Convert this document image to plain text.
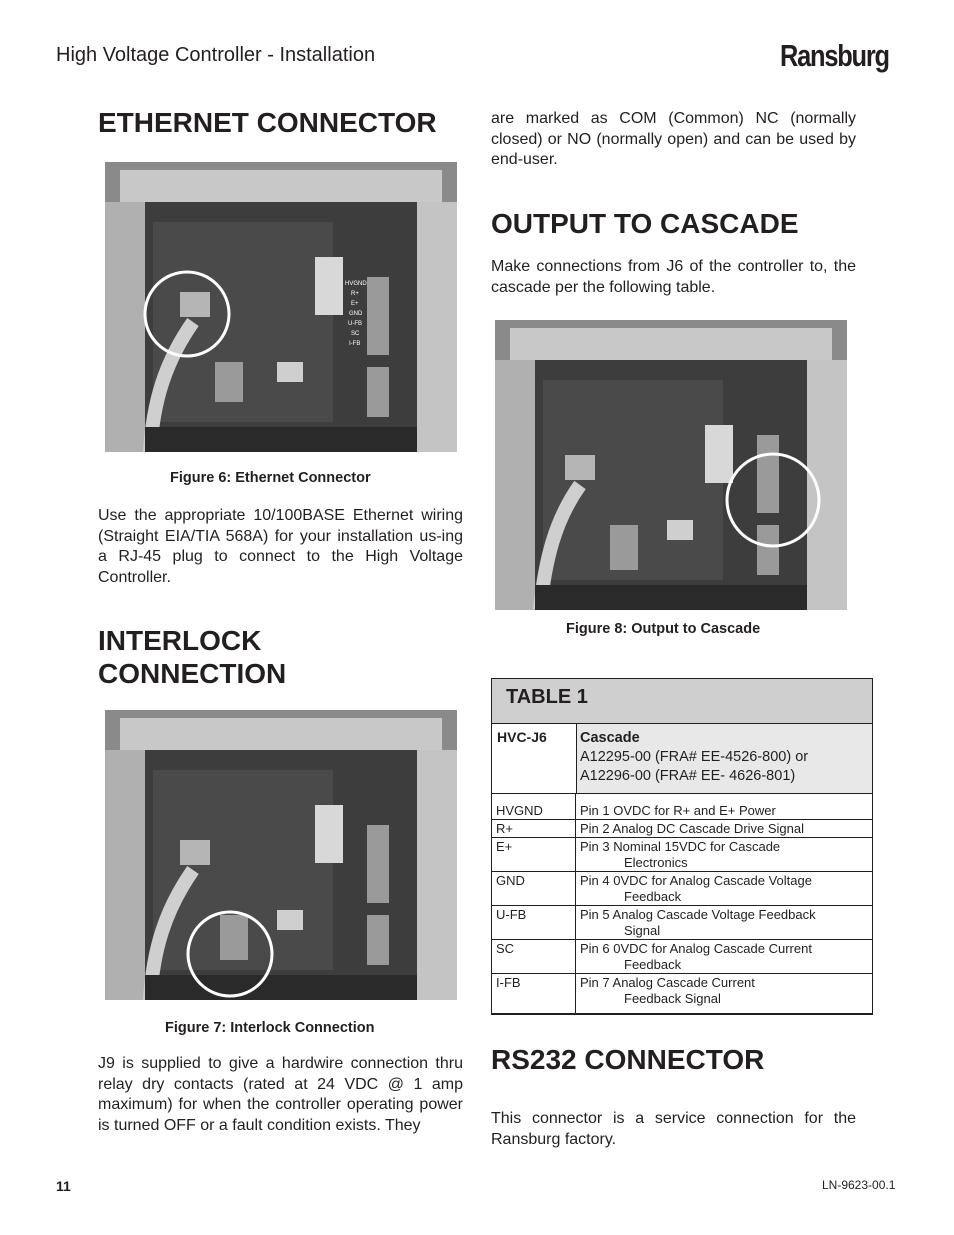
High Voltage Controller - Installation	Ransburg
ETHERNET CONNECTOR
HVGND
R+
E+
GND
U-FB
SC
I-FB
Figure 6: Ethernet Connector
Use the appropriate 10/100BASE Ethernet wiring (Straight EIA/TIA 568A) for your installation us-ing a RJ-45 plug to connect to the High Voltage Controller.
INTERLOCK
CONNECTION
Figure 7: Interlock Connection
J9 is supplied to give a hardwire connection thru relay dry contacts (rated at 24 VDC @ 1 amp maximum) for when the controller operating power is turned OFF or a fault condition exists. They
are marked as COM (Common) NC (normally closed) or NO (normally open) and can be used by end-user.
OUTPUT TO CASCADE
Make connections from J6 of the controller to, the cascade per the following table.
Figure 8: Output to Cascade
TABLE 1
HVC-J6 Cascade
A12295-00 (FRA# EE-4526-800) or
A12296-00 (FRA# EE- 4626-801)
HVGND	Pin 1 OVDC for R+ and E+ Power
R+	Pin 2 Analog DC Cascade Drive Signal
E+	Pin 3 Nominal 15VDC for Cascade
Electronics
GND	Pin 4 0VDC for Analog Cascade Voltage
Feedback
U-FB	Pin 5 Analog Cascade Voltage Feedback
Signal
SC	Pin 6 0VDC for Analog Cascade Current
Feedback
I-FB	Pin 7 Analog Cascade Current
Feedback Signal
RS232 CONNECTOR
This connector is a service connection for the Ransburg factory.
11	LN-9623-00.1
